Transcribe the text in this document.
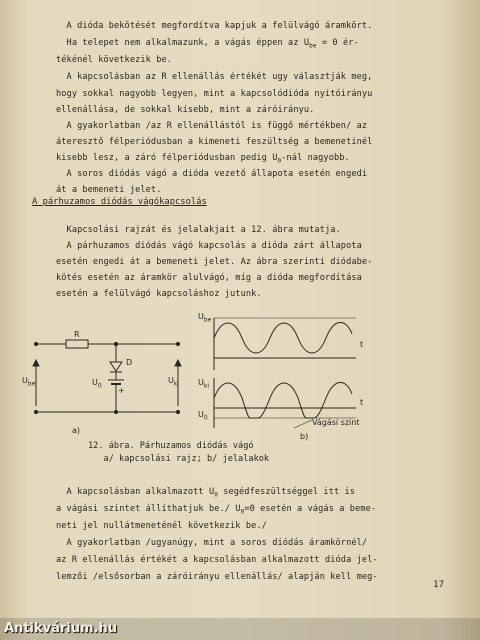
A dióda bekötését megfordítva kapjuk a felülvágó áramkört.
Ha telepet nem alkalmazunk, a vágás éppen az $U_{be} = 0$ ér-
tékénél következik be.
A kapcsolásban az R ellenállás értékét ugy választják meg,
hogy sokkal nagyobb legyen, mint a kapcsolódióda nyitóirányu
ellenállása, de sokkal kisebb, mint a záróirányu.
A gyakorlatban /az R ellenállástól is függő mértékben/ az
áteresztő félperiódusban a kimeneti feszültség a bemenetinél
kisebb lesz, a záró félperiódusban pedig $U_0$-nál nagyobb.
A soros diódás vágó a dióda vezető állapota esetén engedi
át a bemeneti jelet.
A párhuzamos diódás vágókapcsolás
Kapcsolási rajzát és jelalakjait a 12. ábra mutatja.
A párhuzamos diódás vágó kapcsolás a dióda zárt állapota
esetén engedi át a bemeneti jelet. Az ábra szerinti diódabe-
kötés esetén az áramkör alulvágó, míg a dióda megfordítása
esetén a felülvágó kapcsoláshoz jutunk.
R
D
$U_0$ +
$U_{be}$	$U_{ki}$
a)
b)
$U_{be}$
t
$U_{ki}$
$U_0$
t
Vágási szint
12. ábra. Párhuzamos diódás vágó
a/ kapcsolási rajz; b/ jelalakok
A kapcsolásban alkalmazott $U_0$ segédfeszültséggel itt is
a vágási szintet állíthatjuk be./ $U_0=0$ esetén a vágás a beme-
neti jel nullátmeneténél következik be./
A gyakorlatban /ugyanúgy, mint a soros diódás áramkörnél/
az R ellenállás értékét a kapcsolásban alkalmazott dióda jel-
lemzői /elsősorban a záróirányu ellenállás/ alapján kell meg-
17
Antikvárium.hu
